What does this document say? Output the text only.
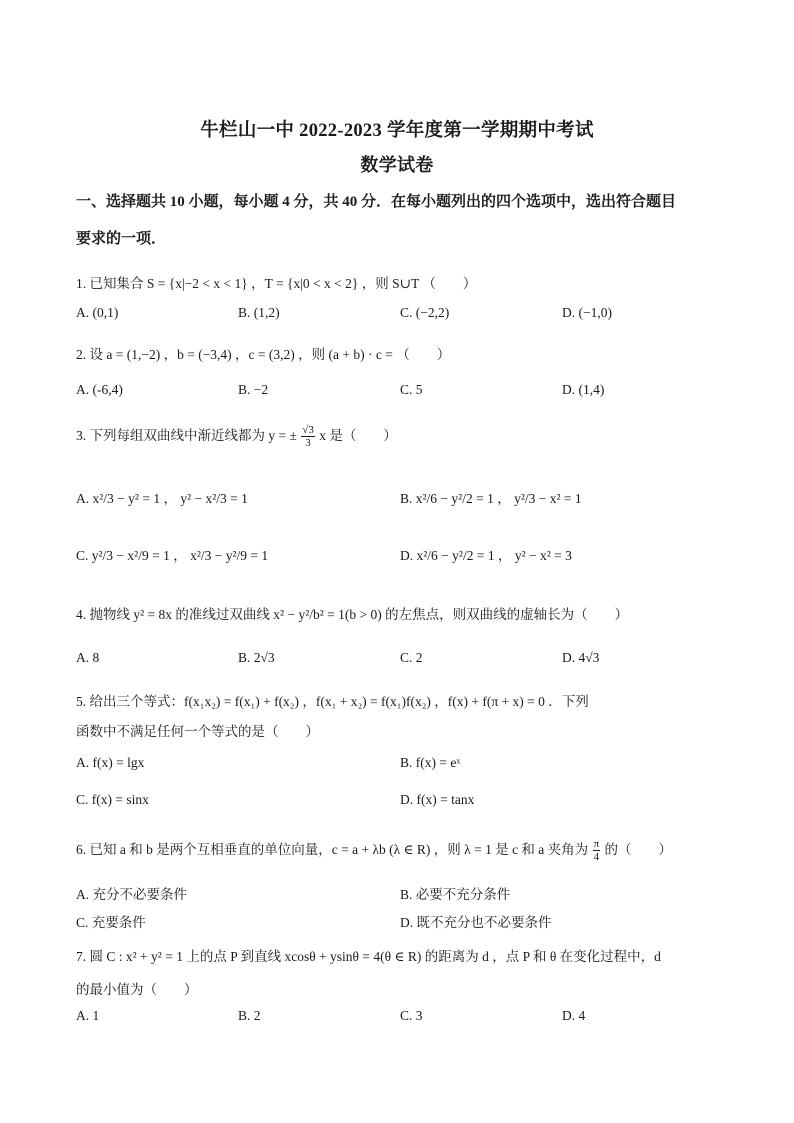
牛栏山一中 2022-2023 学年度第一学期期中考试
数学试卷
一、选择题共 10 小题，每小题 4 分，共 40 分．在每小题列出的四个选项中，选出符合题目
要求的一项．
1. 已知集合 S = {x|−2 < x < 1} ，T = {x|0 < x < 2} ，则 S∪T （　　）
A. (0,1)	B. (1,2)	C. (−2,2)	D. (−1,0)
2. 设 a = (1,−2) ，b = (−3,4) ，c = (3,2) ，则 (a + b) · c = （　　）
A. (-6,4)	B. −2	C. 5	D. (1,4)
3. 下列每组双曲线中渐近线都为 y = ± $\frac{√3}{3}$ x 是（　　）
A. x²/3 − y² = 1 ， y² − x²/3 = 1	B. x²/6 − y²/2 = 1 ， y²/3 − x² = 1
C. y²/3 − x²/9 = 1 ， x²/3 − y²/9 = 1	D. x²/6 − y²/2 = 1 ， y² − x² = 3
4. 抛物线 y² = 8x 的准线过双曲线 x² − y²/b² = 1(b > 0) 的左焦点，则双曲线的虚轴长为（　　）
A. 8	B. 2√3	C. 2	D. 4√3
5. 给出三个等式：f(x₁x₂) = f(x₁) + f(x₂) ，f(x₁ + x₂) = f(x₁)f(x₂) ，f(x) + f(π + x) = 0 ．下列
函数中不满足任何一个等式的是（　　）
A. f(x) = lgx	B. f(x) = eˣ
C. f(x) = sinx	D. f(x) = tanx
6. 已知 a 和 b 是两个互相垂直的单位向量，c = a + λb (λ ∈ R) ，则 λ = 1 是 c 和 a 夹角为 $\frac{\pi}{4}$ 的（　　）
A. 充分不必要条件	B. 必要不充分条件
C. 充要条件	D. 既不充分也不必要条件
7. 圆 C : x² + y² = 1 上的点 P 到直线 xcosθ + ysinθ = 4(θ ∈ R) 的距离为 d ，点 P 和 θ 在变化过程中，d
的最小值为（　　）
A. 1	B. 2	C. 3	D. 4
